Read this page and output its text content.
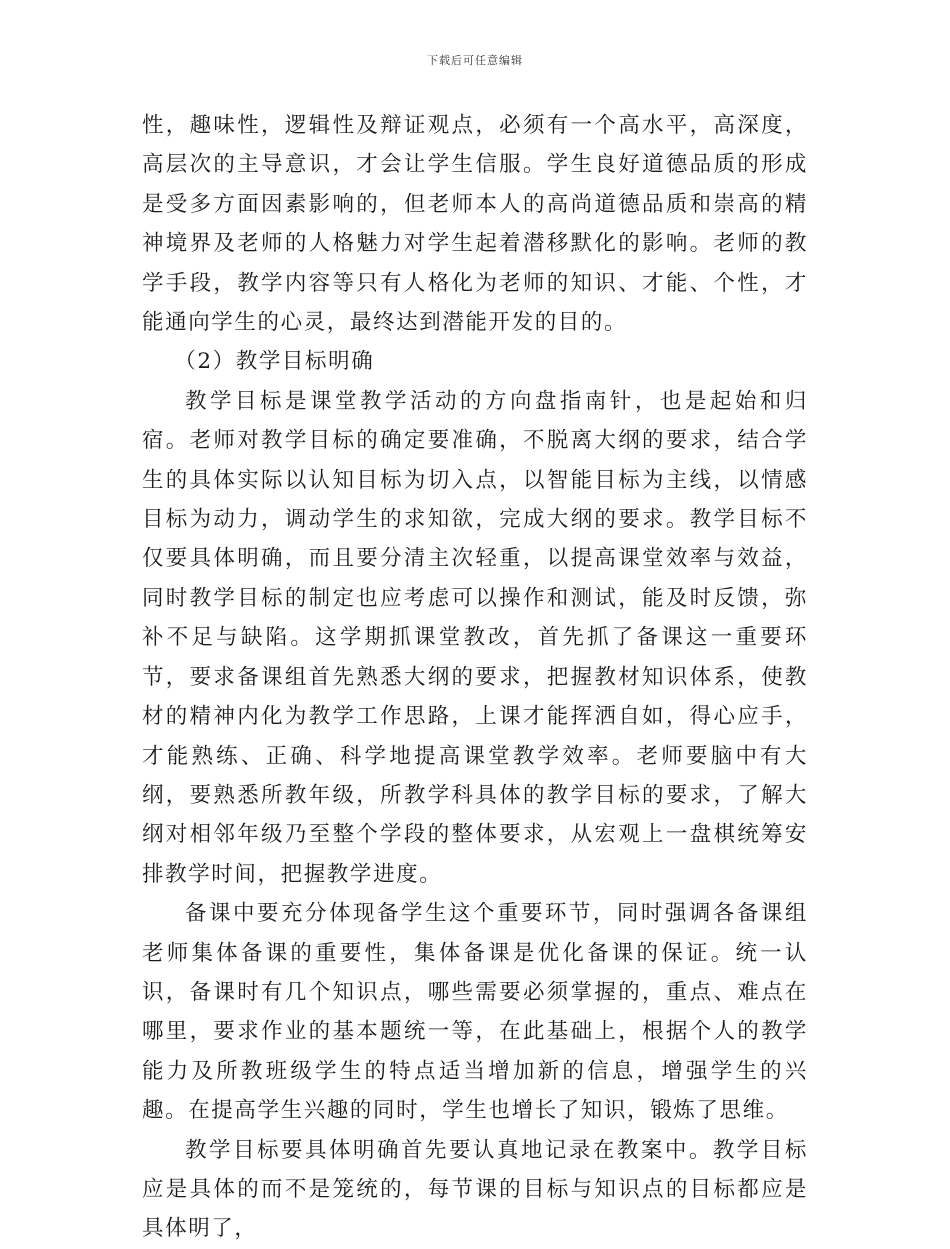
下载后可任意编辑

性，趣味性，逻辑性及辩证观点，必须有一个高水平，高深度，高层次的主导意识，才会让学生信服。学生良好道德品质的形成是受多方面因素影响的，但老师本人的高尚道德品质和崇高的精神境界及老师的人格魅力对学生起着潜移默化的影响。老师的教学手段，教学内容等只有人格化为老师的知识、才能、个性，才能通向学生的心灵，最终达到潜能开发的目的。

（2）教学目标明确

教学目标是课堂教学活动的方向盘指南针，也是起始和归宿。老师对教学目标的确定要准确，不脱离大纲的要求，结合学生的具体实际以认知目标为切入点，以智能目标为主线，以情感目标为动力，调动学生的求知欲，完成大纲的要求。教学目标不仅要具体明确，而且要分清主次轻重，以提高课堂效率与效益，同时教学目标的制定也应考虑可以操作和测试，能及时反馈，弥补不足与缺陷。这学期抓课堂教改，首先抓了备课这一重要环节，要求备课组首先熟悉大纲的要求，把握教材知识体系，使教材的精神内化为教学工作思路，上课才能挥洒自如，得心应手，才能熟练、正确、科学地提高课堂教学效率。老师要脑中有大纲，要熟悉所教年级，所教学科具体的教学目标的要求，了解大纲对相邻年级乃至整个学段的整体要求，从宏观上一盘棋统筹安排教学时间，把握教学进度。

备课中要充分体现备学生这个重要环节，同时强调各备课组老师集体备课的重要性，集体备课是优化备课的保证。统一认识，备课时有几个知识点，哪些需要必须掌握的，重点、难点在哪里，要求作业的基本题统一等，在此基础上，根据个人的教学能力及所教班级学生的特点适当增加新的信息，增强学生的兴趣。在提高学生兴趣的同时，学生也增长了知识，锻炼了思维。

教学目标要具体明确首先要认真地记录在教案中。教学目标应是具体的而不是笼统的，每节课的目标与知识点的目标都应是具体明了，
